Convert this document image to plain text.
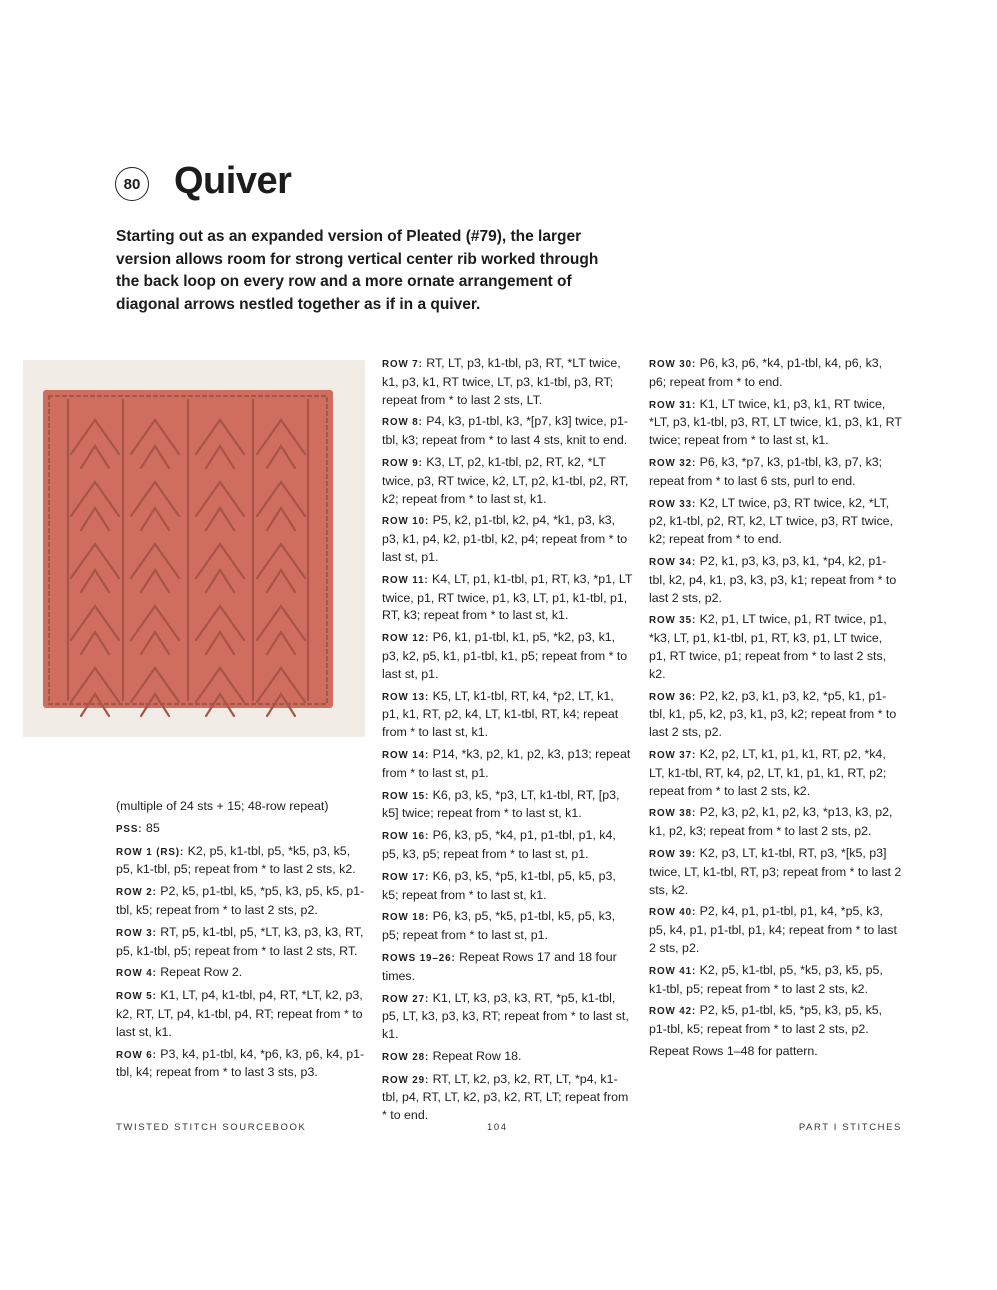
80 Quiver

Starting out as an expanded version of Pleated (#79), the larger version allows room for strong vertical center rib worked through the back loop on every row and a more ornate arrangement of diagonal arrows nestled together as if in a quiver.

(multiple of 24 sts + 15; 48-row repeat)

PSS: 85

ROW 1 (RS): K2, p5, k1-tbl, p5, *k5, p3, k5, p5, k1-tbl, p5; repeat from * to last 2 sts, k2.

ROW 2: P2, k5, p1-tbl, k5, *p5, k3, p5, k5, p1-tbl, k5; repeat from * to last 2 sts, p2.

ROW 3: RT, p5, k1-tbl, p5, *LT, k3, p3, k3, RT, p5, k1-tbl, p5; repeat from * to last 2 sts, RT.

ROW 4: Repeat Row 2.

ROW 5: K1, LT, p4, k1-tbl, p4, RT, *LT, k2, p3, k2, RT, LT, p4, k1-tbl, p4, RT; repeat from * to last st, k1.

ROW 6: P3, k4, p1-tbl, k4, *p6, k3, p6, k4, p1-tbl, k4; repeat from * to last 3 sts, p3.

ROW 7: RT, LT, p3, k1-tbl, p3, RT, *LT twice, k1, p3, k1, RT twice, LT, p3, k1-tbl, p3, RT; repeat from * to last 2 sts, LT.

ROW 8: P4, k3, p1-tbl, k3, *[p7, k3] twice, p1-tbl, k3; repeat from * to last 4 sts, knit to end.

ROW 9: K3, LT, p2, k1-tbl, p2, RT, k2, *LT twice, p3, RT twice, k2, LT, p2, k1-tbl, p2, RT, k2; repeat from * to last st, k1.

ROW 10: P5, k2, p1-tbl, k2, p4, *k1, p3, k3, p3, k1, p4, k2, p1-tbl, k2, p4; repeat from * to last st, p1.

ROW 11: K4, LT, p1, k1-tbl, p1, RT, k3, *p1, LT twice, p1, RT twice, p1, k3, LT, p1, k1-tbl, p1, RT, k3; repeat from * to last st, k1.

ROW 12: P6, k1, p1-tbl, k1, p5, *k2, p3, k1, p3, k2, p5, k1, p1-tbl, k1, p5; repeat from * to last st, p1.

ROW 13: K5, LT, k1-tbl, RT, k4, *p2, LT, k1, p1, k1, RT, p2, k4, LT, k1-tbl, RT, k4; repeat from * to last st, k1.

ROW 14: P14, *k3, p2, k1, p2, k3, p13; repeat from * to last st, p1.

ROW 15: K6, p3, k5, *p3, LT, k1-tbl, RT, [p3, k5] twice; repeat from * to last st, k1.

ROW 16: P6, k3, p5, *k4, p1, p1-tbl, p1, k4, p5, k3, p5; repeat from * to last st, p1.

ROW 17: K6, p3, k5, *p5, k1-tbl, p5, k5, p3, k5; repeat from * to last st, k1.

ROW 18: P6, k3, p5, *k5, p1-tbl, k5, p5, k3, p5; repeat from * to last st, p1.

ROWS 19–26: Repeat Rows 17 and 18 four times.

ROW 27: K1, LT, k3, p3, k3, RT, *p5, k1-tbl, p5, LT, k3, p3, k3, RT; repeat from * to last st, k1.

ROW 28: Repeat Row 18.

ROW 29: RT, LT, k2, p3, k2, RT, LT, *p4, k1-tbl, p4, RT, LT, k2, p3, k2, RT, LT; repeat from * to end.

ROW 30: P6, k3, p6, *k4, p1-tbl, k4, p6, k3, p6; repeat from * to end.

ROW 31: K1, LT twice, k1, p3, k1, RT twice, *LT, p3, k1-tbl, p3, RT, LT twice, k1, p3, k1, RT twice; repeat from * to last st, k1.

ROW 32: P6, k3, *p7, k3, p1-tbl, k3, p7, k3; repeat from * to last 6 sts, purl to end.

ROW 33: K2, LT twice, p3, RT twice, k2, *LT, p2, k1-tbl, p2, RT, k2, LT twice, p3, RT twice, k2; repeat from * to end.

ROW 34: P2, k1, p3, k3, p3, k1, *p4, k2, p1-tbl, k2, p4, k1, p3, k3, p3, k1; repeat from * to last 2 sts, p2.

ROW 35: K2, p1, LT twice, p1, RT twice, p1, *k3, LT, p1, k1-tbl, p1, RT, k3, p1, LT twice, p1, RT twice, p1; repeat from * to last 2 sts, k2.

ROW 36: P2, k2, p3, k1, p3, k2, *p5, k1, p1-tbl, k1, p5, k2, p3, k1, p3, k2; repeat from * to last 2 sts, p2.

ROW 37: K2, p2, LT, k1, p1, k1, RT, p2, *k4, LT, k1-tbl, RT, k4, p2, LT, k1, p1, k1, RT, p2; repeat from * to last 2 sts, k2.

ROW 38: P2, k3, p2, k1, p2, k3, *p13, k3, p2, k1, p2, k3; repeat from * to last 2 sts, p2.

ROW 39: K2, p3, LT, k1-tbl, RT, p3, *[k5, p3] twice, LT, k1-tbl, RT, p3; repeat from * to last 2 sts, k2.

ROW 40: P2, k4, p1, p1-tbl, p1, k4, *p5, k3, p5, k4, p1, p1-tbl, p1, k4; repeat from * to last 2 sts, p2.

ROW 41: K2, p5, k1-tbl, p5, *k5, p3, k5, p5, k1-tbl, p5; repeat from * to last 2 sts, k2.

ROW 42: P2, k5, p1-tbl, k5, *p5, k3, p5, k5, p1-tbl, k5; repeat from * to last 2 sts, p2.

Repeat Rows 1–48 for pattern.

TWISTED STITCH SOURCEBOOK	104	PART I STITCHES
